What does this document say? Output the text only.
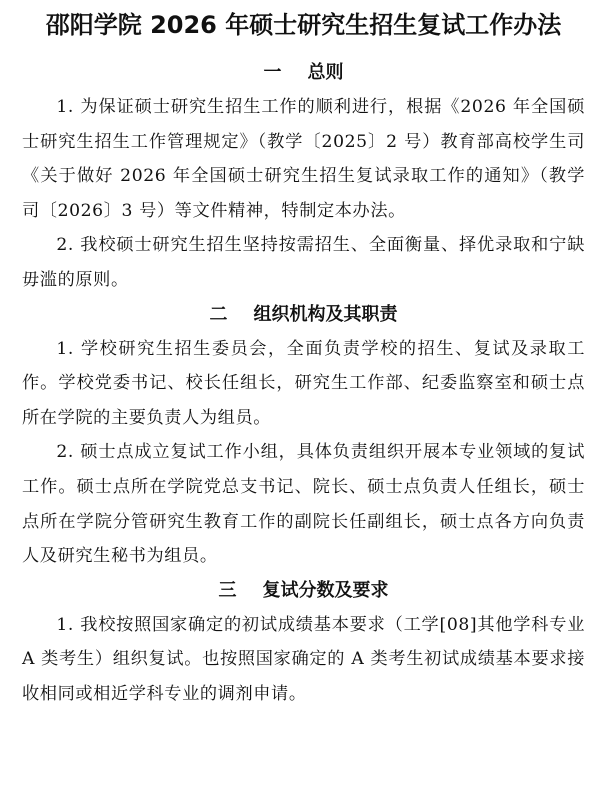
邵阳学院 2026 年硕士研究生招生复试工作办法
一 总则

1. 为保证硕士研究生招生工作的顺利进行，根据《2026 年全国硕士研究生招生工作管理规定》（教学〔2025〕2 号）教育部高校学生司《关于做好 2026 年全国硕士研究生招生复试录取工作的通知》（教学司〔2026〕3 号）等文件精神，特制定本办法。

2. 我校硕士研究生招生坚持按需招生、全面衡量、择优录取和宁缺毋滥的原则。

二 组织机构及其职责

1. 学校研究生招生委员会，全面负责学校的招生、复试及录取工作。学校党委书记、校长任组长，研究生工作部、纪委监察室和硕士点所在学院的主要负责人为组员。

2. 硕士点成立复试工作小组，具体负责组织开展本专业领域的复试工作。硕士点所在学院党总支书记、院长、硕士点负责人任组长，硕士点所在学院分管研究生教育工作的副院长任副组长，硕士点各方向负责人及研究生秘书为组员。

三 复试分数及要求

1. 我校按照国家确定的初试成绩基本要求（工学[08]其他学科专业 A 类考生）组织复试。也按照国家确定的 A 类考生初试成绩基本要求接收相同或相近学科专业的调剂申请。
